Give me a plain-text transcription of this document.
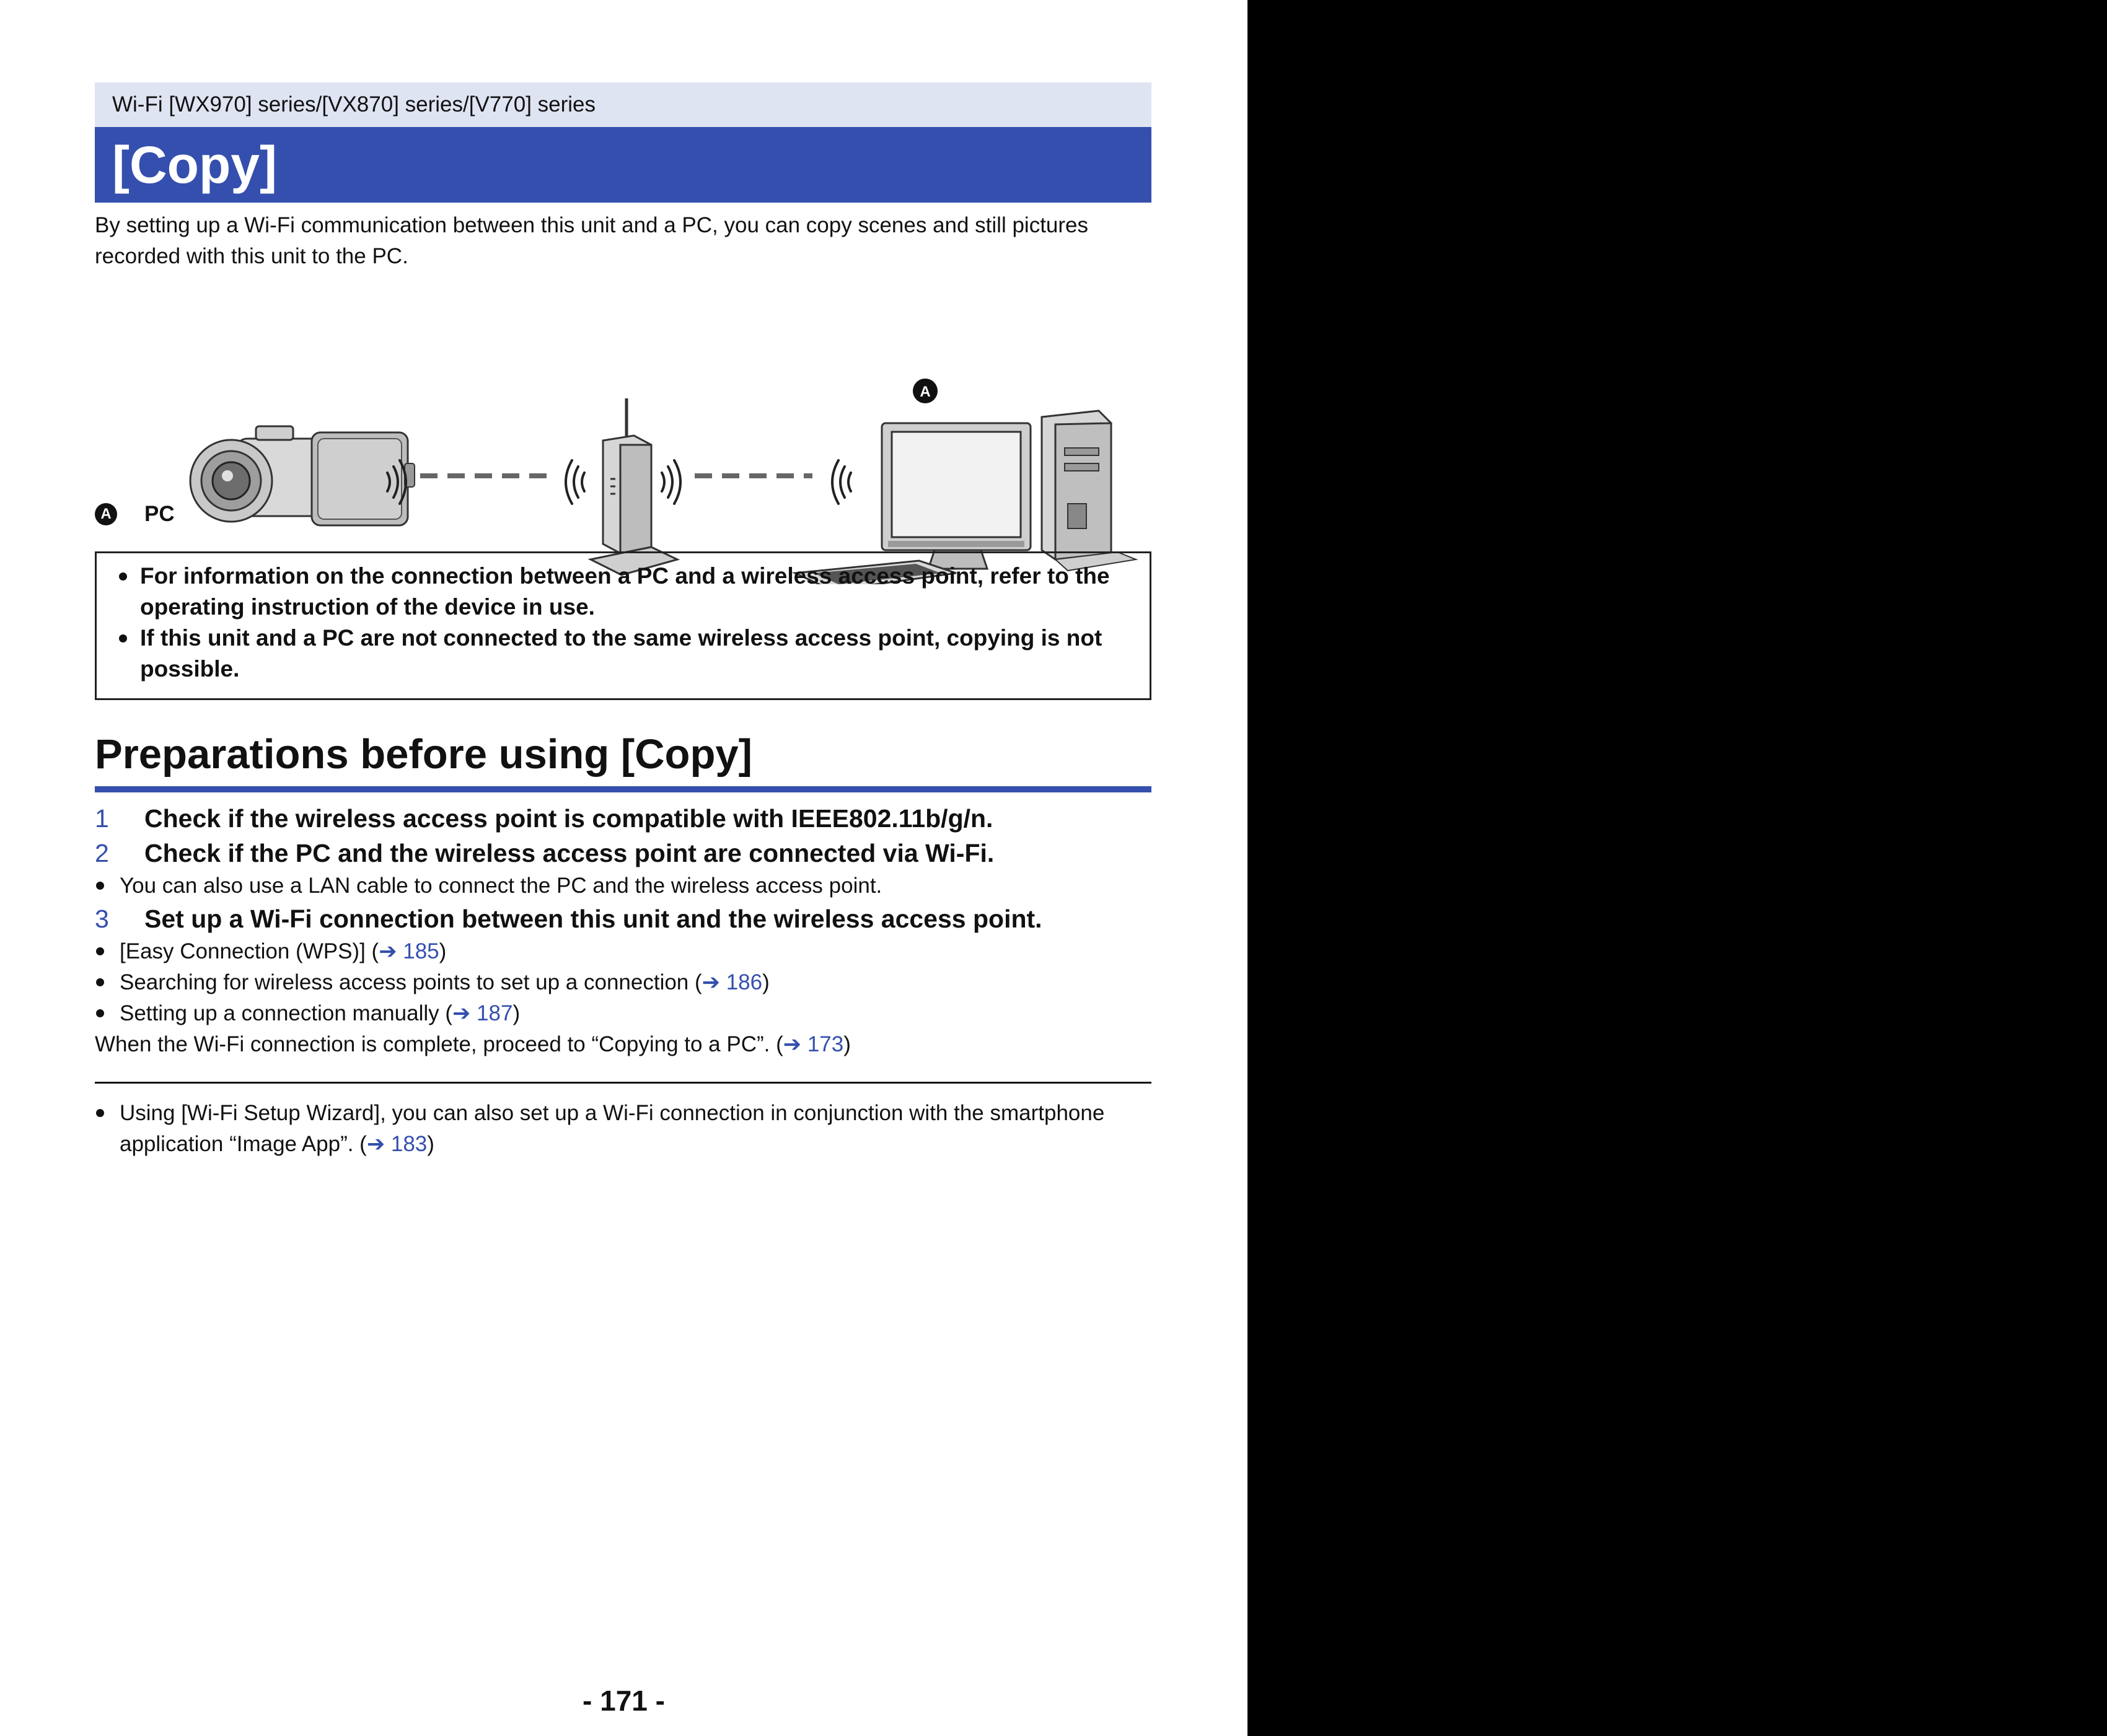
Wi-Fi [WX970] series/[VX870] series/[V770] series
[Copy]
By setting up a Wi-Fi communication between this unit and a PC, you can copy scenes and still pictures recorded with this unit to the PC.
A
A PC
For information on the connection between a PC and a wireless access point, refer to the operating instruction of the device in use.
If this unit and a PC are not connected to the same wireless access point, copying is not possible.
Preparations before using [Copy]
1	Check if the wireless access point is compatible with IEEE802.11b/g/n.
2	Check if the PC and the wireless access point are connected via Wi-Fi.
You can also use a LAN cable to connect the PC and the wireless access point.
3	Set up a Wi-Fi connection between this unit and the wireless access point.
[Easy Connection (WPS)] (➔ 185)
Searching for wireless access points to set up a connection (➔ 186)
Setting up a connection manually (➔ 187)
When the Wi-Fi connection is complete, proceed to “Copying to a PC”. (➔ 173)
Using [Wi-Fi Setup Wizard], you can also set up a Wi-Fi connection in conjunction with the smartphone application “Image App”. (➔ 183)
- 171 -
